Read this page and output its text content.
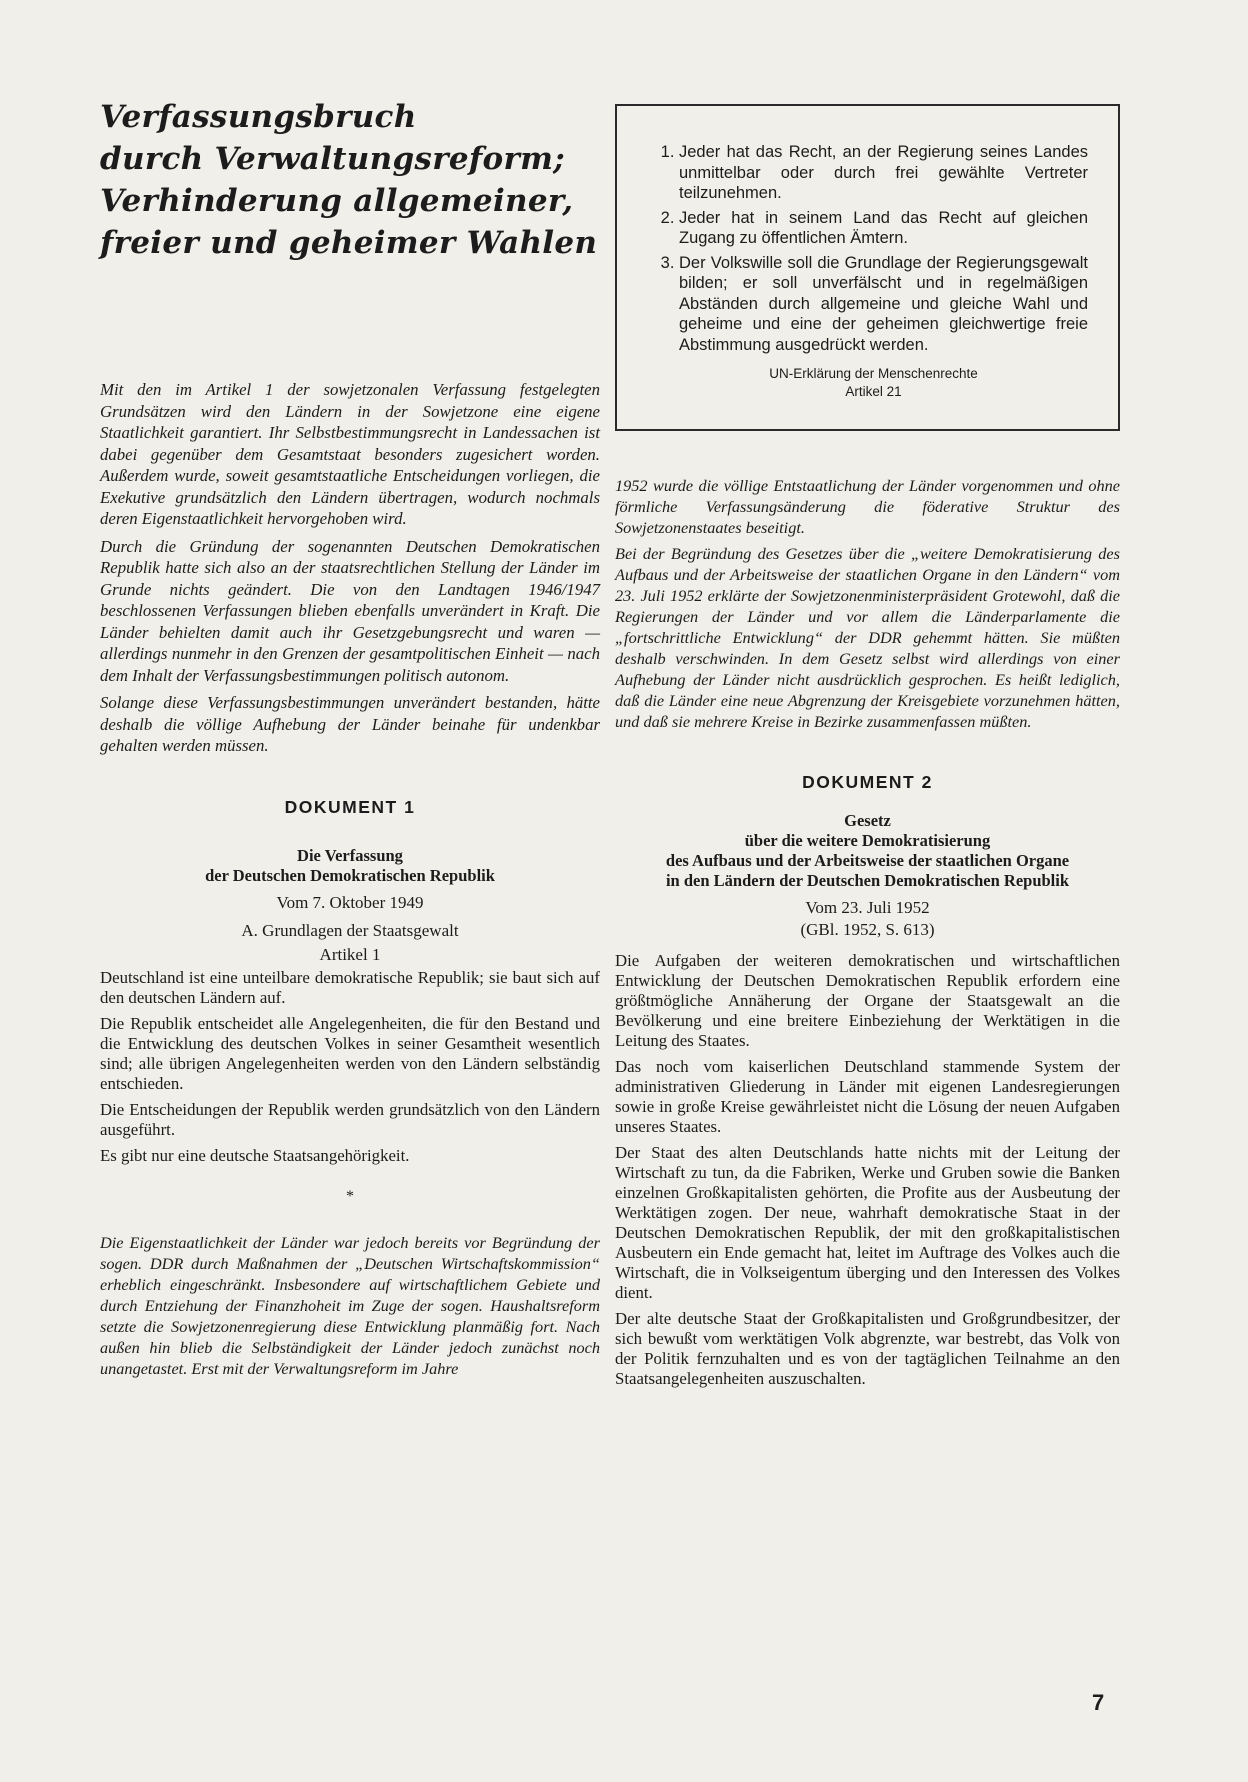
Verfassungsbruch
durch Verwaltungsreform;
Verhinderung allgemeiner,
freier und geheimer Wahlen

Mit den im Artikel 1 der sowjetzonalen Verfassung festgelegten Grundsätzen wird den Ländern in der Sowjetzone eine eigene Staatlichkeit garantiert. Ihr Selbstbestimmungsrecht in Landessachen ist dabei gegenüber dem Gesamtstaat besonders zugesichert worden. Außerdem wurde, soweit gesamtstaatliche Entscheidungen vorliegen, die Exekutive grundsätzlich den Ländern übertragen, wodurch nochmals deren Eigenstaatlichkeit hervorgehoben wird.

Durch die Gründung der sogenannten Deutschen Demokratischen Republik hatte sich also an der staatsrechtlichen Stellung der Länder im Grunde nichts geändert. Die von den Landtagen 1946/1947 beschlossenen Verfassungen blieben ebenfalls unverändert in Kraft. Die Länder behielten damit auch ihr Gesetzgebungsrecht und waren — allerdings nunmehr in den Grenzen der gesamtpolitischen Einheit — nach dem Inhalt der Verfassungsbestimmungen politisch autonom.

Solange diese Verfassungsbestimmungen unverändert bestanden, hätte deshalb die völlige Aufhebung der Länder beinahe für undenkbar gehalten werden müssen.

DOKUMENT 1
Die Verfassung
der Deutschen Demokratischen Republik
Vom 7. Oktober 1949
A. Grundlagen der Staatsgewalt
Artikel 1

Deutschland ist eine unteilbare demokratische Republik; sie baut sich auf den deutschen Ländern auf.

Die Republik entscheidet alle Angelegenheiten, die für den Bestand und die Entwicklung des deutschen Volkes in seiner Gesamtheit wesentlich sind; alle übrigen Angelegenheiten werden von den Ländern selbständig entschieden.

Die Entscheidungen der Republik werden grundsätzlich von den Ländern ausgeführt.

Es gibt nur eine deutsche Staatsangehörigkeit.

*

Die Eigenstaatlichkeit der Länder war jedoch bereits vor Begründung der sogen. DDR durch Maßnahmen der „Deutschen Wirtschaftskommission“ erheblich eingeschränkt. Insbesondere auf wirtschaftlichem Gebiete und durch Entziehung der Finanzhoheit im Zuge der sogen. Haushaltsreform setzte die Sowjetzonenregierung diese Entwicklung planmäßig fort. Nach außen hin blieb die Selbständigkeit der Länder jedoch zunächst noch unangetastet. Erst mit der Verwaltungsreform im Jahre

1. Jeder hat das Recht, an der Regierung seines Landes unmittelbar oder durch frei gewählte Vertreter teilzunehmen.
2. Jeder hat in seinem Land das Recht auf gleichen Zugang zu öffentlichen Ämtern.
3. Der Volkswille soll die Grundlage der Regierungsgewalt bilden; er soll unverfälscht und in regelmäßigen Abständen durch allgemeine und gleiche Wahl und geheime und eine der geheimen gleichwertige freie Abstimmung ausgedrückt werden.
UN-Erklärung der Menschenrechte
Artikel 21

1952 wurde die völlige Entstaatlichung der Länder vorgenommen und ohne förmliche Verfassungsänderung die föderative Struktur des Sowjetzonenstaates beseitigt.

Bei der Begründung des Gesetzes über die „weitere Demokratisierung des Aufbaus und der Arbeitsweise der staatlichen Organe in den Ländern“ vom 23. Juli 1952 erklärte der Sowjetzonenministerpräsident Grotewohl, daß die Regierungen der Länder und vor allem die Länderparlamente die „fortschrittliche Entwicklung“ der DDR gehemmt hätten. Sie müßten deshalb verschwinden. In dem Gesetz selbst wird allerdings von einer Aufhebung der Länder nicht ausdrücklich gesprochen. Es heißt lediglich, daß die Länder eine neue Abgrenzung der Kreisgebiete vorzunehmen hätten, und daß sie mehrere Kreise in Bezirke zusammenfassen müßten.

DOKUMENT 2
Gesetz
über die weitere Demokratisierung
des Aufbaus und der Arbeitsweise der staatlichen Organe
in den Ländern der Deutschen Demokratischen Republik
Vom 23. Juli 1952
(GBl. 1952, S. 613)

Die Aufgaben der weiteren demokratischen und wirtschaftlichen Entwicklung der Deutschen Demokratischen Republik erfordern eine größtmögliche Annäherung der Organe der Staatsgewalt an die Bevölkerung und eine breitere Einbeziehung der Werktätigen in die Leitung des Staates.

Das noch vom kaiserlichen Deutschland stammende System der administrativen Gliederung in Länder mit eigenen Landesregierungen sowie in große Kreise gewährleistet nicht die Lösung der neuen Aufgaben unseres Staates.

Der Staat des alten Deutschlands hatte nichts mit der Leitung der Wirtschaft zu tun, da die Fabriken, Werke und Gruben sowie die Banken einzelnen Großkapitalisten gehörten, die Profite aus der Ausbeutung der Werktätigen zogen. Der neue, wahrhaft demokratische Staat in der Deutschen Demokratischen Republik, der mit den großkapitalistischen Ausbeutern ein Ende gemacht hat, leitet im Auftrage des Volkes auch die Wirtschaft, die in Volkseigentum überging und den Interessen des Volkes dient.

Der alte deutsche Staat der Großkapitalisten und Großgrundbesitzer, der sich bewußt vom werktätigen Volk abgrenzte, war bestrebt, das Volk von der Politik fernzuhalten und es von der tagtäglichen Teilnahme an den Staatsangelegenheiten auszuschalten.

7
